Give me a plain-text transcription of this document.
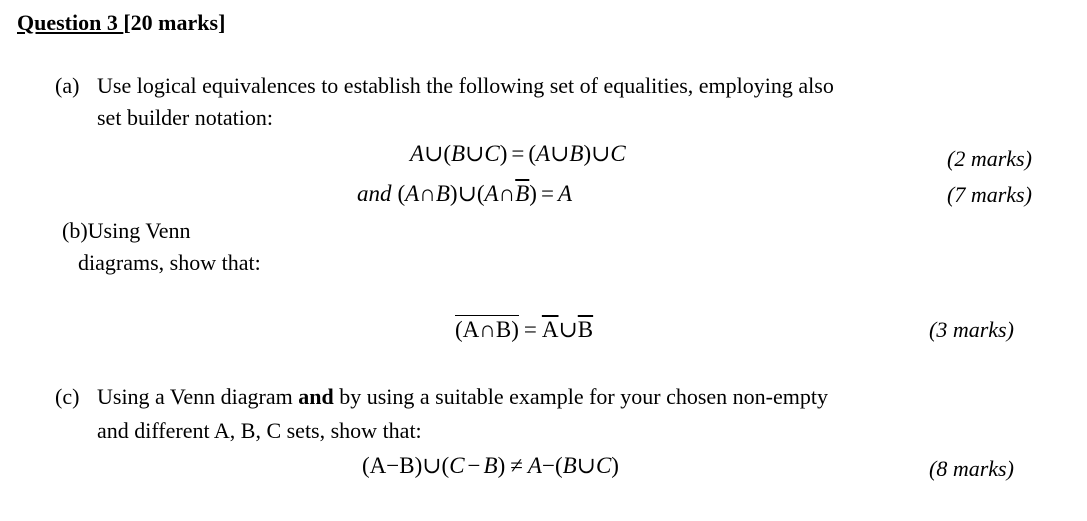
Question 3 [20 marks]
(a) Use logical equivalences to establish the following set of equalities, employing also
set builder notation:
A∪(B∪C) = (A∪B)∪C	(2 marks)
and $(A\cap B)\cup(A\cap\overline{B}) = A$	(7 marks)
(b)Using Venn
diagrams, show that:
(A∩B) = $\overline{A}\cup\overline{B}$	(3 marks)
(c) Using a Venn diagram and by using a suitable example for your chosen non-empty
and different A, B, C sets, show that:
(A−B)∪(C − B) ≠ A−(B∪C)	(8 marks)
